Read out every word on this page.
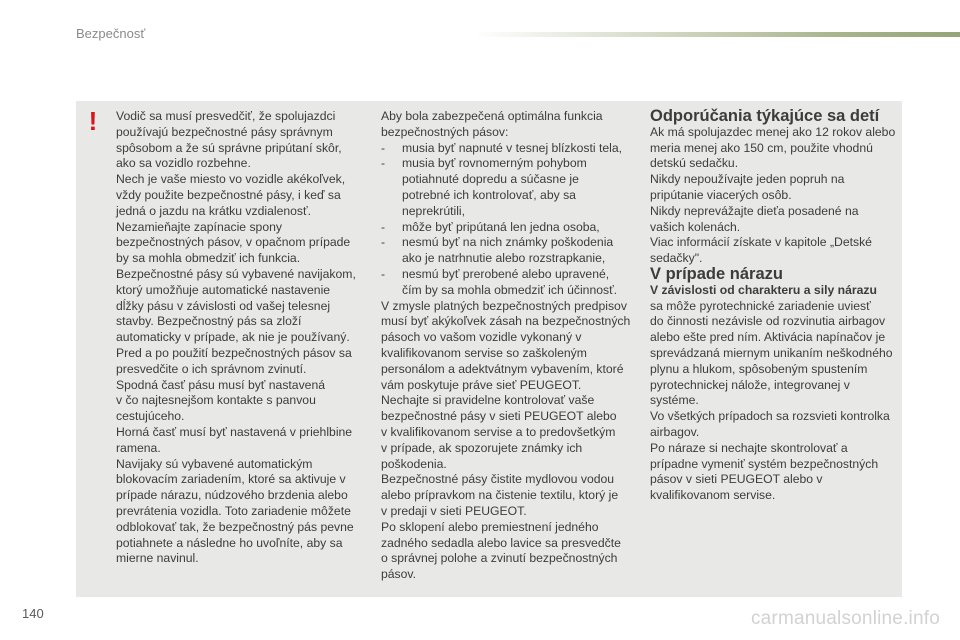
Bezpečnosť
! Vodič sa musí presvedčiť, že spolujazdci

používajú bezpečnostné pásy správnym

spôsobom a že sú správne pripútaní skôr,

ako sa vozidlo rozbehne.

Nech je vaše miesto vo vozidle akékoľvek,

vždy použite bezpečnostné pásy, i keď sa

jedná o jazdu na krátku vzdialenosť.

Nezamieňajte zapínacie spony

bezpečnostných pásov, v opačnom prípade

by sa mohla obmedziť ich funkcia.

Bezpečnostné pásy sú vybavené navijakom,

ktorý umožňuje automatické nastavenie

dĺžky pásu v závislosti od vašej telesnej

stavby. Bezpečnostný pás sa zloží

automaticky v prípade, ak nie je používaný.

Pred a po použití bezpečnostných pásov sa

presvedčite o ich správnom zvinutí.

Spodná časť pásu musí byť nastavená

v čo najtesnejšom kontakte s panvou

cestujúceho.

Horná časť musí byť nastavená v priehlbine

ramena.

Navijaky sú vybavené automatickým

blokovacím zariadením, ktoré sa aktivuje v

prípade nárazu, núdzového brzdenia alebo

prevrátenia vozidla. Toto zariadenie môžete

odblokovať tak, že bezpečnostný pás pevne

potiahnete a následne ho uvoľníte, aby sa

mierne navinul.

Aby bola zabezpečená optimálna funkcia

bezpečnostných pásov:

- musia byť napnuté v tesnej blízkosti tela,

- musia byť rovnomerným pohybom

potiahnuté dopredu a súčasne je

potrebné ich kontrolovať, aby sa

neprekrútili,

- môže byť pripútaná len jedna osoba,

- nesmú byť na nich známky poškodenia

ako je natrhnutie alebo rozstrapkanie,

- nesmú byť prerobené alebo upravené,

čím by sa mohla obmedziť ich účinnosť.

V zmysle platných bezpečnostných predpisov

musí byť akýkoľvek zásah na bezpečnostných

pásoch vo vašom vozidle vykonaný v

kvalifikovanom servise so zaškoleným

personálom a adektvátnym vybavením, ktoré

vám poskytuje práve sieť PEUGEOT.

Nechajte si pravidelne kontrolovať vaše

bezpečnostné pásy v sieti PEUGEOT alebo

v kvalifikovanom servise a to predovšetkým

v prípade, ak spozorujete známky ich

poškodenia.

Bezpečnostné pásy čistite mydlovou vodou

alebo prípravkom na čistenie textilu, ktorý je

v predaji v sieti PEUGEOT.

Po sklopení alebo premiestnení jedného

zadného sedadla alebo lavice sa presvedčte

o správnej polohe a zvinutí bezpečnostných

pásov.

Odporúčania týkajúce sa detí

Ak má spolujazdec menej ako 12 rokov alebo

meria menej ako 150 cm, použite vhodnú

detskú sedačku.

Nikdy nepoužívajte jeden popruh na

pripútanie viacerých osôb.

Nikdy neprevážajte dieťa posadené na

vašich kolenách.

Viac informácií získate v kapitole „Detské

sedačky".

V prípade nárazu

V závislosti od charakteru a sily nárazu

sa môže pyrotechnické zariadenie uviesť

do činnosti nezávisle od rozvinutia airbagov

alebo ešte pred ním. Aktivácia napínačov je

sprevádzaná miernym unikaním neškodného

plynu a hlukom, spôsobeným spustením

pyrotechnickej nálože, integrovanej v

systéme.

Vo všetkých prípadoch sa rozsvieti kontrolka

airbagov.

Po náraze si nechajte skontrolovať a

prípadne vymeniť systém bezpečnostných

pásov v sieti PEUGEOT alebo v

kvalifikovanom servise.

140	carmanualsonline.info
